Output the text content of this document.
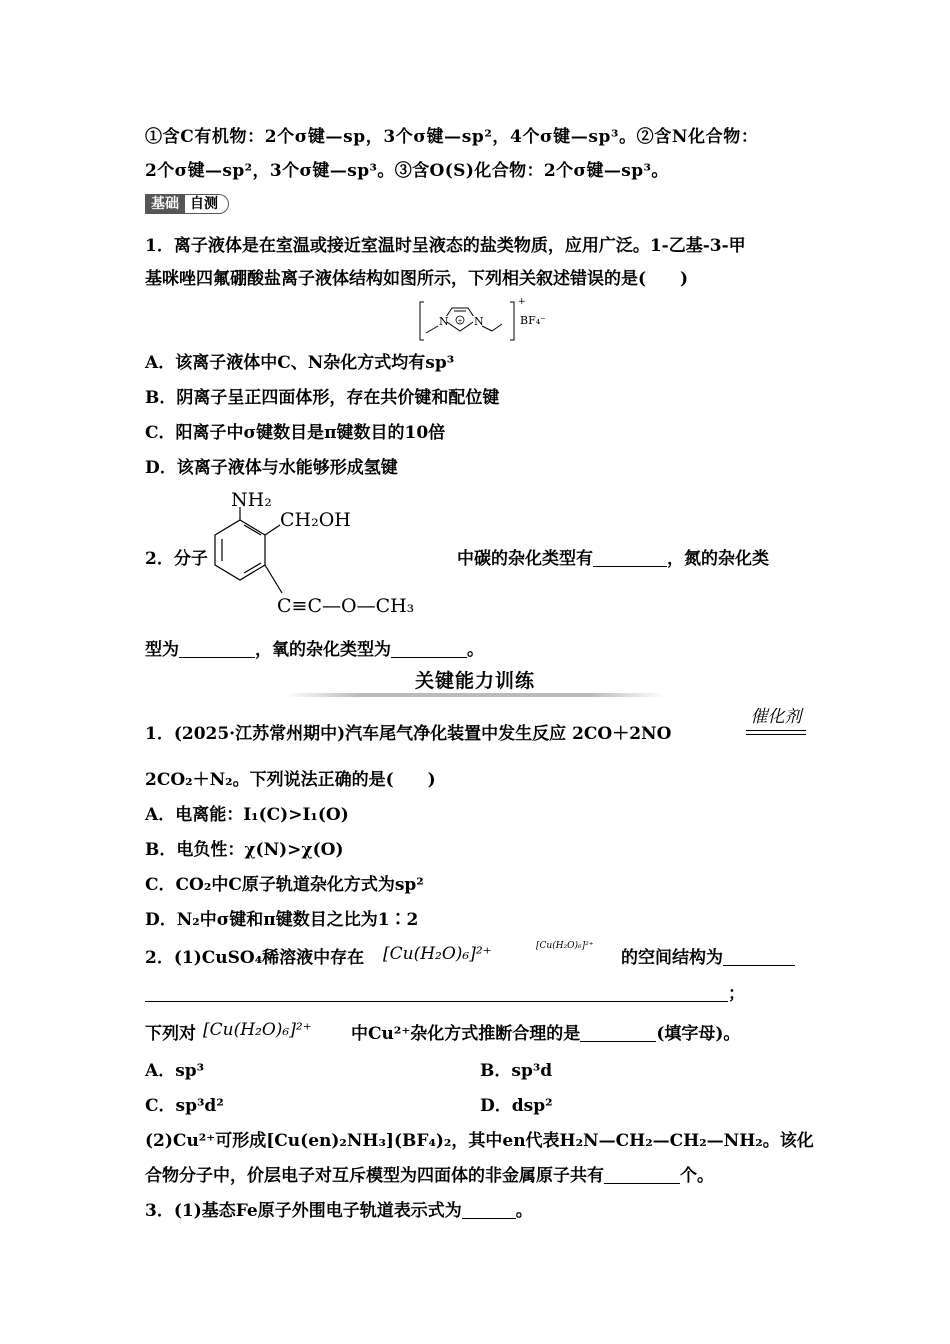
①含C有机物：2个σ键—sp，3个σ键—sp²，4个σ键—sp³。②含N化合物：
2个σ键—sp²，3个σ键—sp³。③含O(S)化合物：2个σ键—sp³。
基础 自测
1．离子液体是在室温或接近室温时呈液态的盐类物质，应用广泛。1-乙基-3-甲
基咪唑四氟硼酸盐离子液体结构如图所示，下列相关叙述错误的是(　　)
+
N N
+
BF₄⁻
A．该离子液体中C、N杂化方式均有sp³
B．阴离子呈正四面体形，存在共价键和配位键
C．阳离子中σ键数目是π键数目的10倍
D．该离子液体与水能够形成氢键
2．分子
NH₂
CH₂OH
C≡C—O—CH₃
中碳的杂化类型有	，氮的杂化类
型为	，氧的杂化类型为	。
关键能力训练
1．(2025·江苏常州期中)汽车尾气净化装置中发生反应 2CO＋2NO
催化剂
2CO₂＋N₂。下列说法正确的是(　　)
A．电离能：I₁(C)>I₁(O)
B．电负性：χ(N)>χ(O)
C．CO₂中C原子轨道杂化方式为sp²
D．N₂中σ键和π键数目之比为1∶2
2．(1)CuSO₄稀溶液中存在 [Cu(H₂O)₆]²⁺	[Cu(H₂O)₆]²⁺
的空间结构为
；
下列对 [Cu(H₂O)₆]²⁺ 中Cu²⁺杂化方式推断合理的是	(填字母)。
A．sp³	B．sp³d
C．sp³d²	D．dsp²
(2)Cu²⁺可形成[Cu(en)₂NH₃](BF₄)₂，其中en代表H₂N—CH₂—CH₂—NH₂。该化
合物分子中，价层电子对互斥模型为四面体的非金属原子共有	个。
3．(1)基态Fe原子外围电子轨道表示式为	。
